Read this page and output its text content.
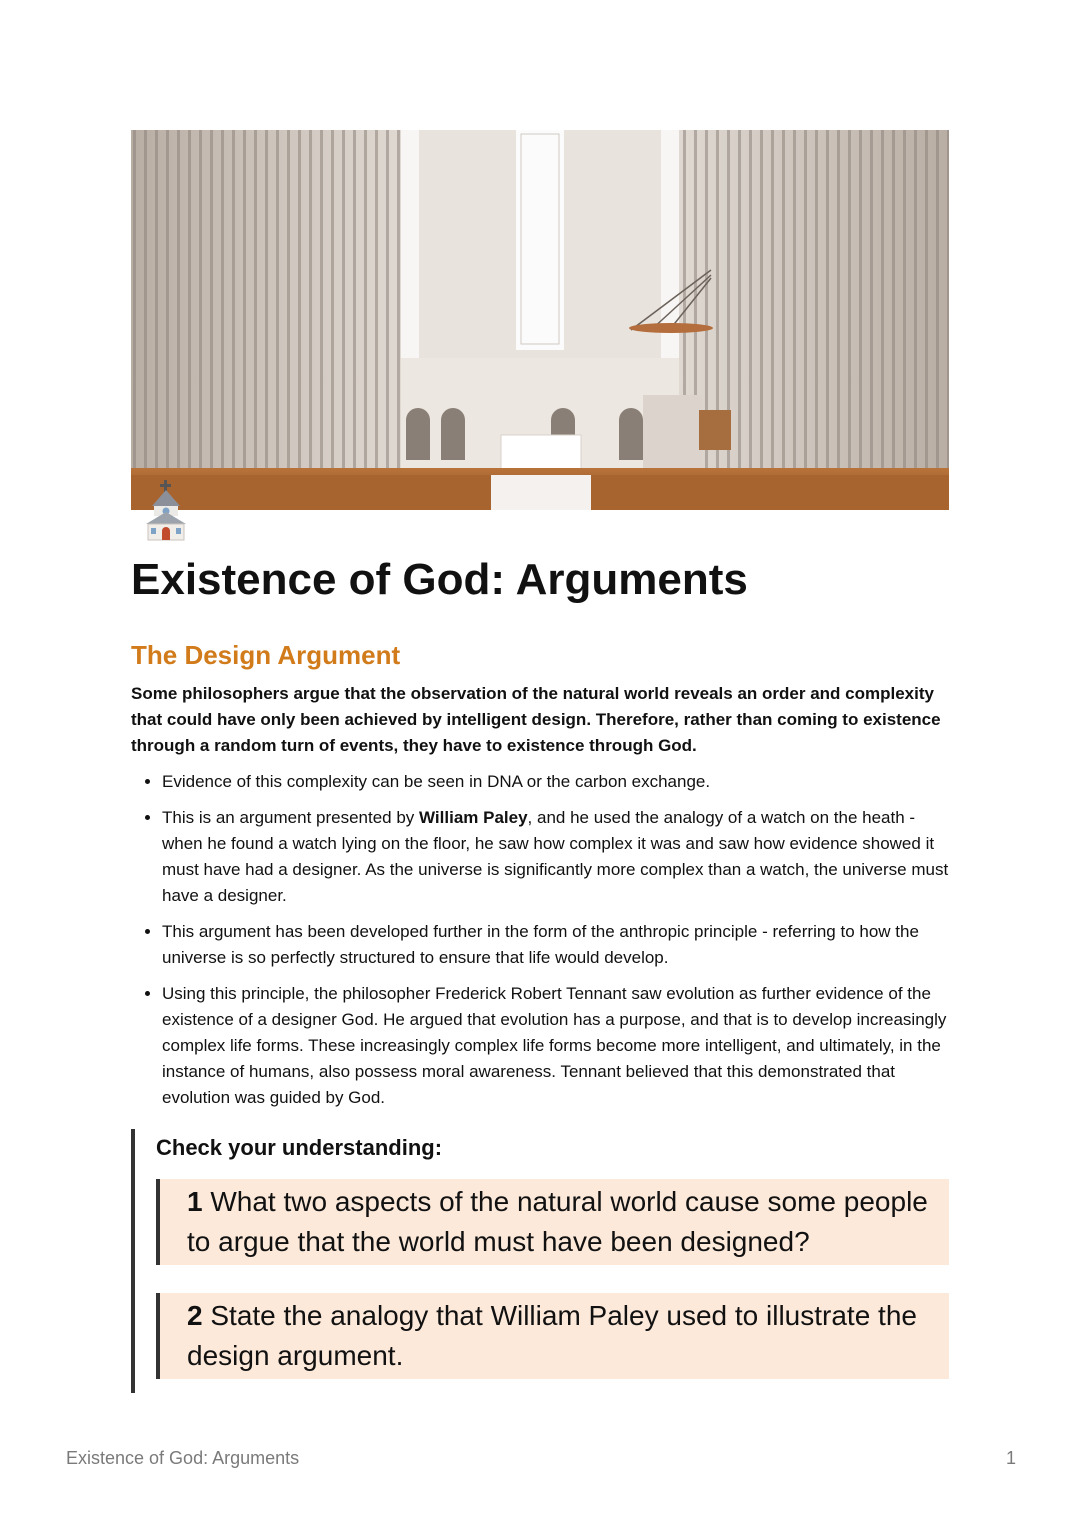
Existence of God: Arguments
The Design Argument

Some philosophers argue that the observation of the natural world reveals an order and complexity that could have only been achieved by intelligent design. Therefore, rather than coming to existence through a random turn of events, they have to existence through God.

• Evidence of this complexity can be seen in DNA or the carbon exchange.
• This is an argument presented by William Paley, and he used the analogy of a watch on the heath - when he found a watch lying on the floor, he saw how complex it was and saw how evidence showed it must have had a designer. As the universe is significantly more complex than a watch, the universe must have a designer.
• This argument has been developed further in the form of the anthropic principle - referring to how the universe is so perfectly structured to ensure that life would develop.
• Using this principle, the philosopher Frederick Robert Tennant saw evolution as further evidence of the existence of a designer God. He argued that evolution has a purpose, and that is to develop increasingly complex life forms. These increasingly complex life forms become more intelligent, and ultimately, in the instance of humans, also possess moral awareness. Tennant believed that this demonstrated that evolution was guided by God.
Check your understanding:
1 What two aspects of the natural world cause some people to argue that the world must have been designed?
2 State the analogy that William Paley used to illustrate the design argument.
Existence of God: Arguments	1
